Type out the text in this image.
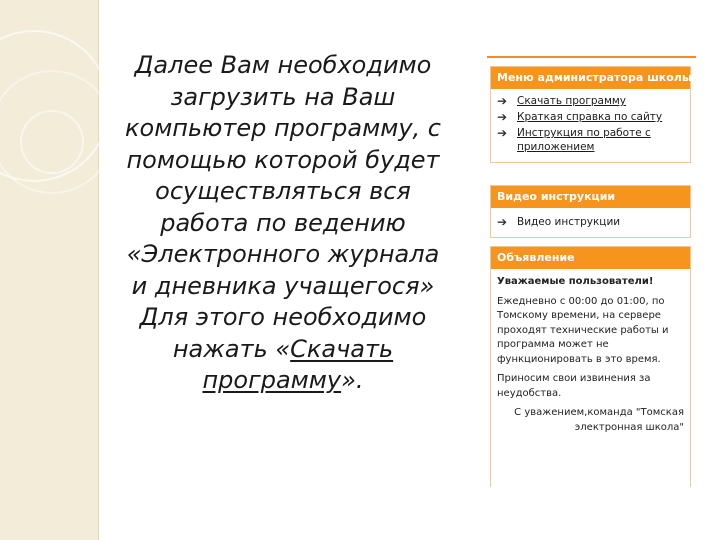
Далее Вам необходимо
загрузить на Ваш
компьютер программу, с
помощью которой будет
осуществляться вся
работа по ведению
«Электронного журнала
и дневника учащегося»
Для этого необходимо
нажать «Скачать
программу».
Меню администратора школы
➔ Скачать программу
➔ Краткая справка по сайту
➔ Инструкция по работе с приложением
Видео инструкции
➔ Видео инструкции
Объявление
Уважаемые пользователи!
Ежедневно с 00:00 до 01:00, по Томскому времени, на сервере проходят технические работы и программа может не функционировать в это время.
Приносим свои извинения за неудобства.
С уважением,команда "Томская электронная школа"
